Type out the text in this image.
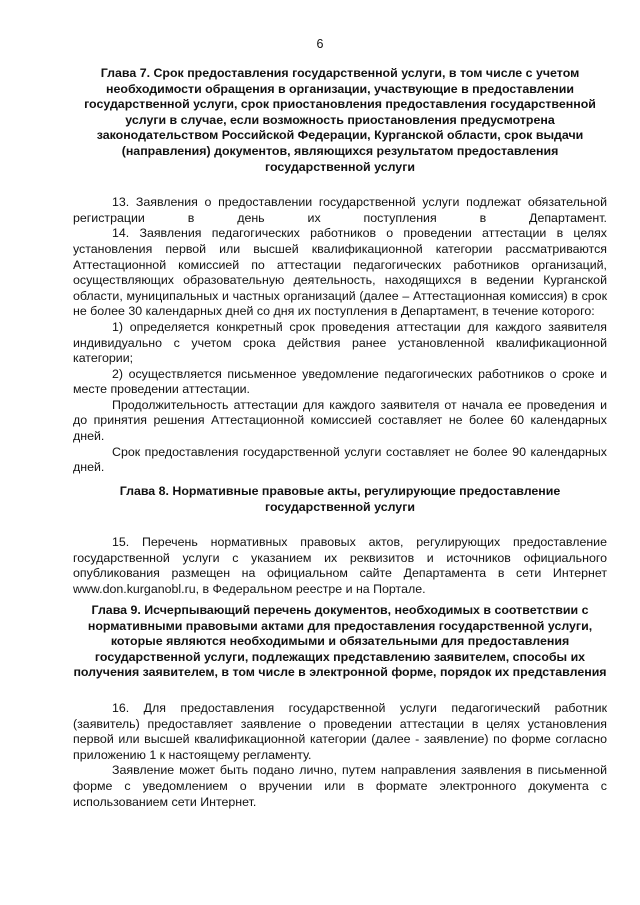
6
Глава 7. Срок предоставления государственной услуги, в том числе с учетом необходимости обращения в организации, участвующие в предоставлении государственной услуги, срок приостановления предоставления государственной услуги в случае, если возможность приостановления предусмотрена законодательством Российской Федерации, Курганской области, срок выдачи (направления) документов, являющихся результатом предоставления государственной услуги

13. Заявления о предоставлении государственной услуги подлежат обязательной регистрации в день их поступления в Департамент.

14. Заявления педагогических работников о проведении аттестации в целях установления первой или высшей квалификационной категории рассматриваются Аттестационной комиссией по аттестации педагогических работников организаций, осуществляющих образовательную деятельность, находящихся в ведении Курганской области, муниципальных и частных организаций (далее – Аттестационная комиссия) в срок не более 30 календарных дней со дня их поступления в Департамент, в течение которого:

1) определяется конкретный срок проведения аттестации для каждого заявителя индивидуально с учетом срока действия ранее установленной квалификационной категории;

2) осуществляется письменное уведомление педагогических работников о сроке и месте проведении аттестации.

Продолжительность аттестации для каждого заявителя от начала ее проведения и до принятия решения Аттестационной комиссией составляет не более 60 календарных дней.

Срок предоставления государственной услуги составляет не более 90 календарных дней.

Глава 8. Нормативные правовые акты, регулирующие предоставление государственной услуги

15. Перечень нормативных правовых актов, регулирующих предоставление государственной услуги с указанием их реквизитов и источников официального опубликования размещен на официальном сайте Департамента в сети Интернет www.don.kurganobl.ru, в Федеральном реестре и на Портале.

Глава 9. Исчерпывающий перечень документов, необходимых в соответствии с нормативными правовыми актами для предоставления государственной услуги, которые являются необходимыми и обязательными для предоставления государственной услуги, подлежащих представлению заявителем, способы их получения заявителем, в том числе в электронной форме, порядок их представления

16. Для предоставления государственной услуги педагогический работник (заявитель) предоставляет заявление о проведении аттестации в целях установления первой или высшей квалификационной категории (далее - заявление) по форме согласно приложению 1 к настоящему регламенту.

Заявление может быть подано лично, путем направления заявления в письменной форме с уведомлением о вручении или в формате электронного документа с использованием сети Интернет.
